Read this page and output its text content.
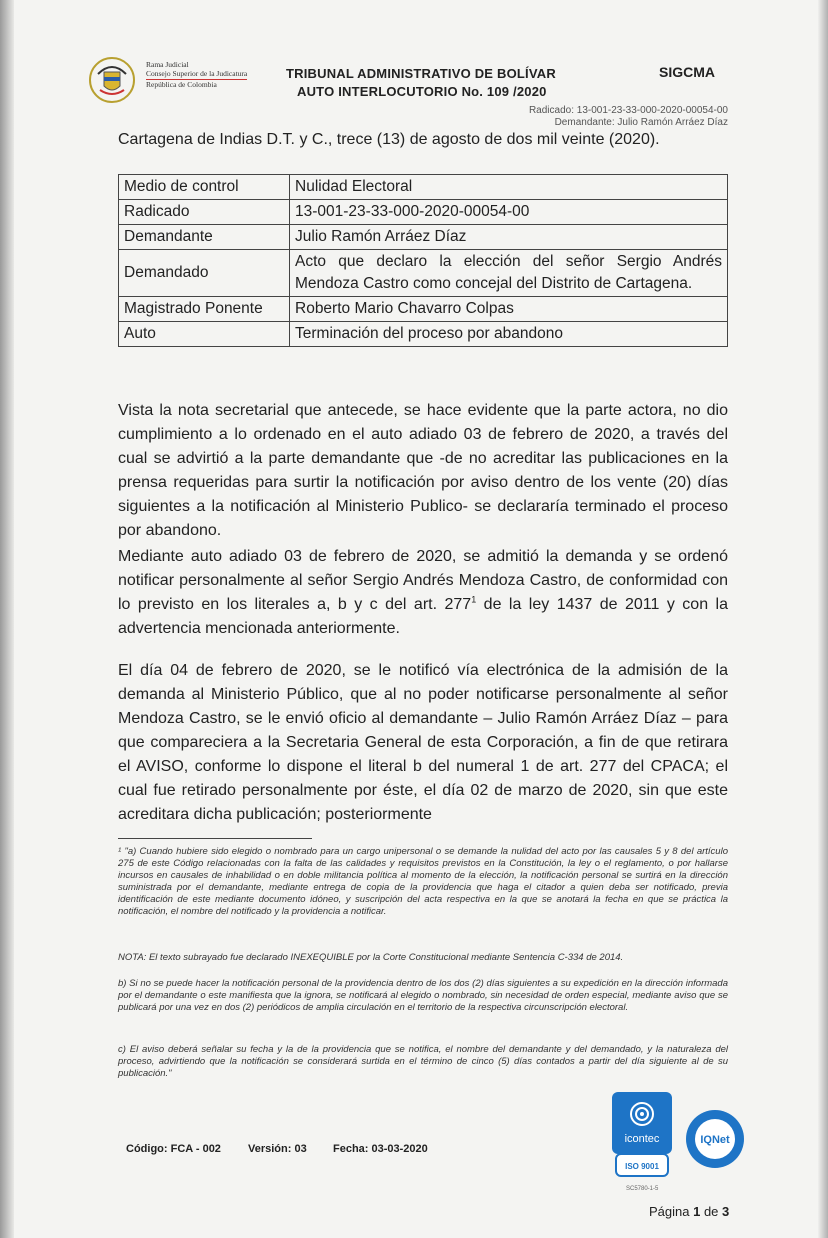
Rama Judicial
Consejo Superior de la Judicatura
República de Colombia
TRIBUNAL ADMINISTRATIVO DE BOLÍVAR
AUTO INTERLOCUTORIO No. 109 /2020
SIGCMA
Radicado: 13-001-23-33-000-2020-00054-00
Demandante: Julio Ramón Arráez Díaz
Cartagena de Indias D.T. y C., trece (13) de agosto de dos mil veinte (2020).
Medio de control	Nulidad Electoral
Radicado	13-001-23-33-000-2020-00054-00
Demandante	Julio Ramón Arráez Díaz
Demandado	Acto que declaro la elección del señor Sergio Andrés Mendoza Castro como concejal del Distrito de Cartagena.
Magistrado Ponente	Roberto Mario Chavarro Colpas
Auto	Terminación del proceso por abandono
Vista la nota secretarial que antecede, se hace evidente que la parte actora, no dio cumplimiento a lo ordenado en el auto adiado 03 de febrero de 2020, a través del cual se advirtió a la parte demandante que -de no acreditar las publicaciones en la prensa requeridas para surtir la notificación por aviso dentro de los vente (20) días siguientes a la notificación al Ministerio Publico- se declararía terminado el proceso por abandono.
Mediante auto adiado 03 de febrero de 2020, se admitió la demanda y se ordenó notificar personalmente al señor Sergio Andrés Mendoza Castro, de conformidad con lo previsto en los literales a, b y c del art. $277^1$ de la ley 1437 de 2011 y con la advertencia mencionada anteriormente.
El día 04 de febrero de 2020, se le notificó vía electrónica de la admisión de la demanda al Ministerio Público, que al no poder notificarse personalmente al señor Mendoza Castro, se le envió oficio al demandante – Julio Ramón Arráez Díaz – para que compareciera a la Secretaria General de esta Corporación, a fin de que retirara el AVISO, conforme lo dispone el literal b del numeral 1 de art. 277 del CPACA; el cual fue retirado personalmente por éste, el día 02 de marzo de 2020, sin que este acreditara dicha publicación; posteriormente
¹ "a) Cuando hubiere sido elegido o nombrado para un cargo unipersonal o se demande la nulidad del acto por las causales 5 y 8 del artículo 275 de este Código relacionadas con la falta de las calidades y requisitos previstos en la Constitución, la ley o el reglamento, o por hallarse incursos en causales de inhabilidad o en doble militancia política al momento de la elección, la notificación personal se surtirá en la dirección suministrada por el demandante, mediante entrega de copia de la providencia que haga el citador a quien deba ser notificado, previa identificación de este mediante documento idóneo, y suscripción del acta respectiva en la que se anotará la fecha en que se práctica la notificación, el nombre del notificado y la providencia a notificar.
NOTA: El texto subrayado fue declarado INEXEQUIBLE por la Corte Constitucional mediante Sentencia C-334 de 2014.
b) Si no se puede hacer la notificación personal de la providencia dentro de los dos (2) días siguientes a su expedición en la dirección informada por el demandante o este manifiesta que la ignora, se notificará al elegido o nombrado, sin necesidad de orden especial, mediante aviso que se publicará por una vez en dos (2) periódicos de amplia circulación en el territorio de la respectiva circunscripción electoral.
c) El aviso deberá señalar su fecha y la de la providencia que se notifica, el nombre del demandante y del demandado, y la naturaleza del proceso, advirtiendo que la notificación se considerará surtida en el término de cinco (5) días contados a partir del día siguiente al de su publicación."
Código: FCA - 002 Versión: 03 Fecha: 03-03-2020
icontec
ISO 9001
IQNet
SC5780-1-5
Página 1 de 3
